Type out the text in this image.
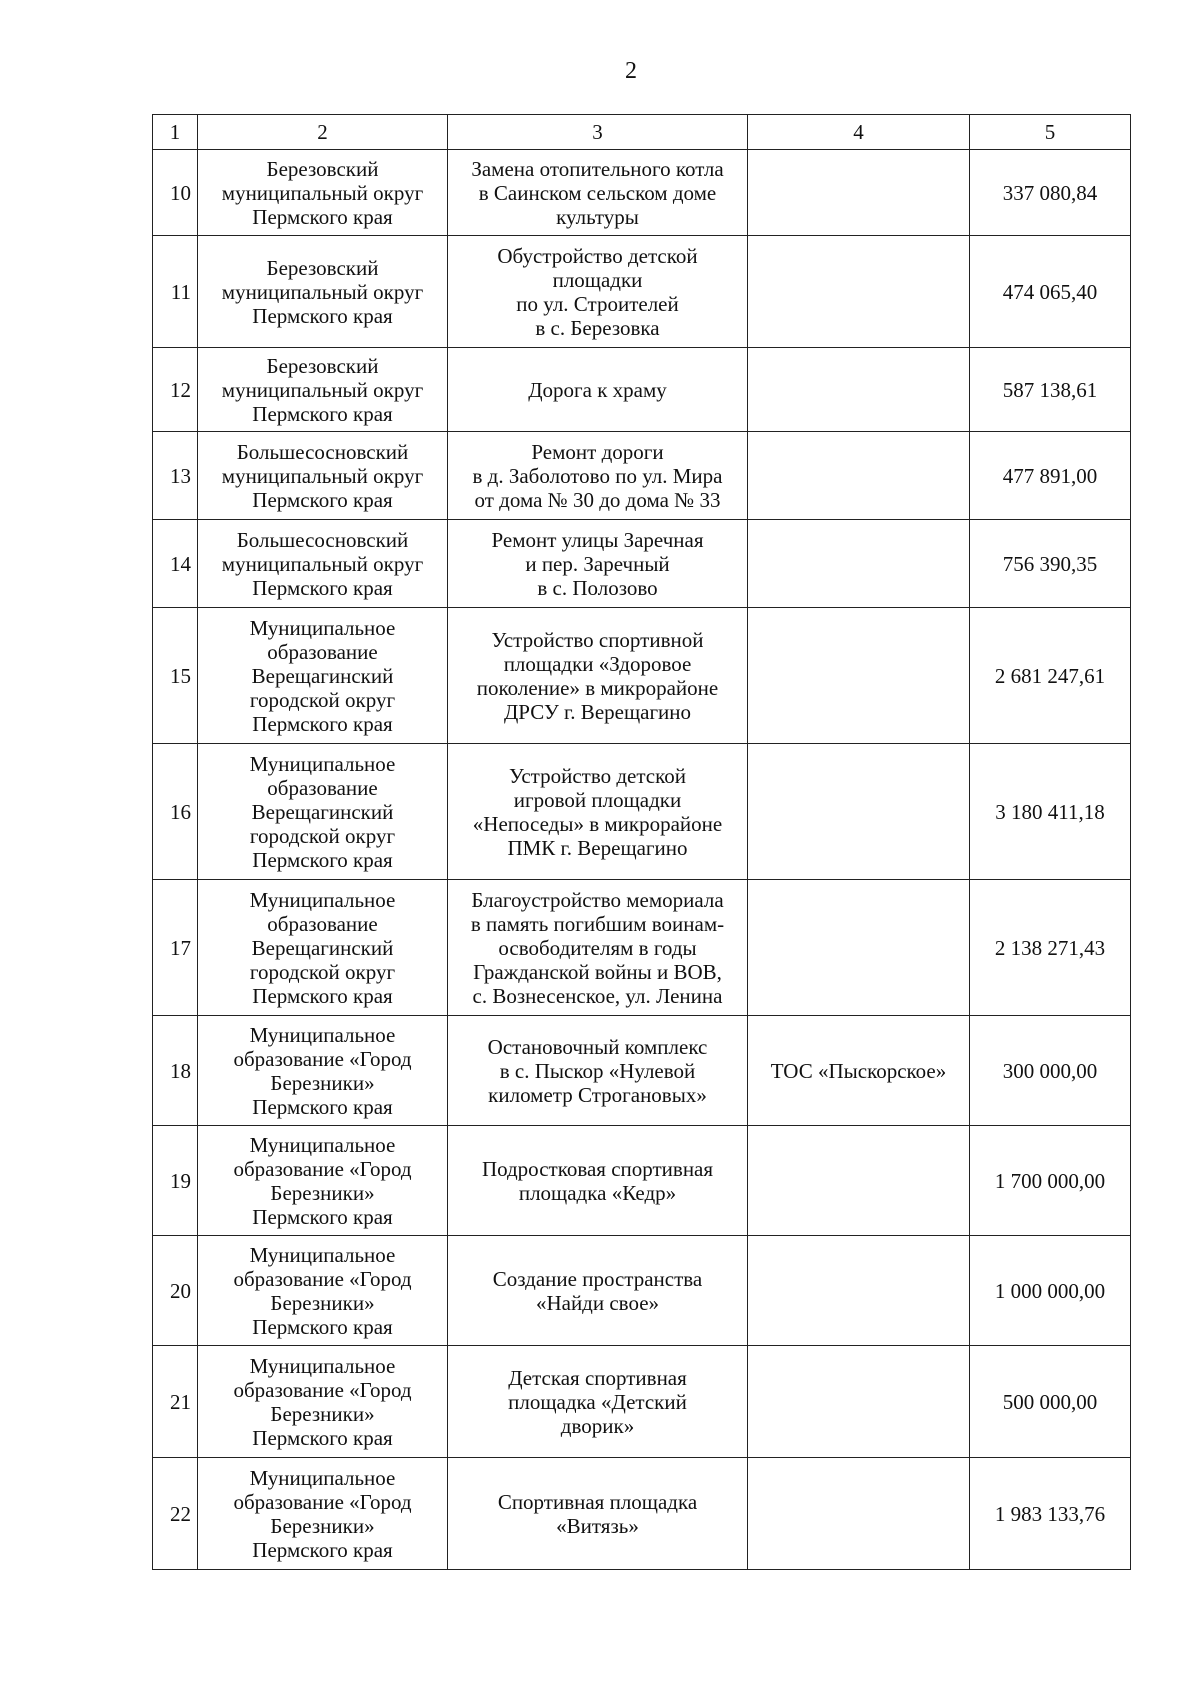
2
1	2	3	4	5

10	Березовский
муниципальный округ
Пермского края	Замена отопительного котла
в Саинском сельском доме
культуры		337 080,84

11	Березовский
муниципальный округ
Пермского края	Обустройство детской
площадки
по ул. Строителей
в с. Березовка		474 065,40

12	Березовский
муниципальный округ
Пермского края	Дорога к храму		587 138,61

13	Большесосновский
муниципальный округ
Пермского края	Ремонт дороги
в д. Заболотово по ул. Мира
от дома № 30 до дома № 33		477 891,00

14	Большесосновский
муниципальный округ
Пермского края	Ремонт улицы Заречная
и пер. Заречный
в с. Полозово		756 390,35

15	Муниципальное
образование
Верещагинский
городской округ
Пермского края	Устройство спортивной
площадки «Здоровое
поколение» в микрорайоне
ДРСУ г. Верещагино		2 681 247,61

16	Муниципальное
образование
Верещагинский
городской округ
Пермского края	Устройство детской
игровой площадки
«Непоседы» в микрорайоне
ПМК г. Верещагино		3 180 411,18

17	Муниципальное
образование
Верещагинский
городской округ
Пермского края	Благоустройство мемориала
в память погибшим воинам-
освободителям в годы
Гражданской войны и ВОВ,
с. Вознесенское, ул. Ленина		2 138 271,43

18	Муниципальное
образование «Город
Березники»
Пермского края	Остановочный комплекс
в с. Пыскор «Нулевой
километр Строгановых»	ТОС «Пыскорское»	300 000,00

19	Муниципальное
образование «Город
Березники»
Пермского края	Подростковая спортивная
площадка «Кедр»		1 700 000,00

20	Муниципальное
образование «Город
Березники»
Пермского края	Создание пространства
«Найди свое»		1 000 000,00

21	Муниципальное
образование «Город
Березники»
Пермского края	Детская спортивная
площадка «Детский
дворик»		500 000,00

22	Муниципальное
образование «Город
Березники»
Пермского края	Спортивная площадка
«Витязь»		1 983 133,76
